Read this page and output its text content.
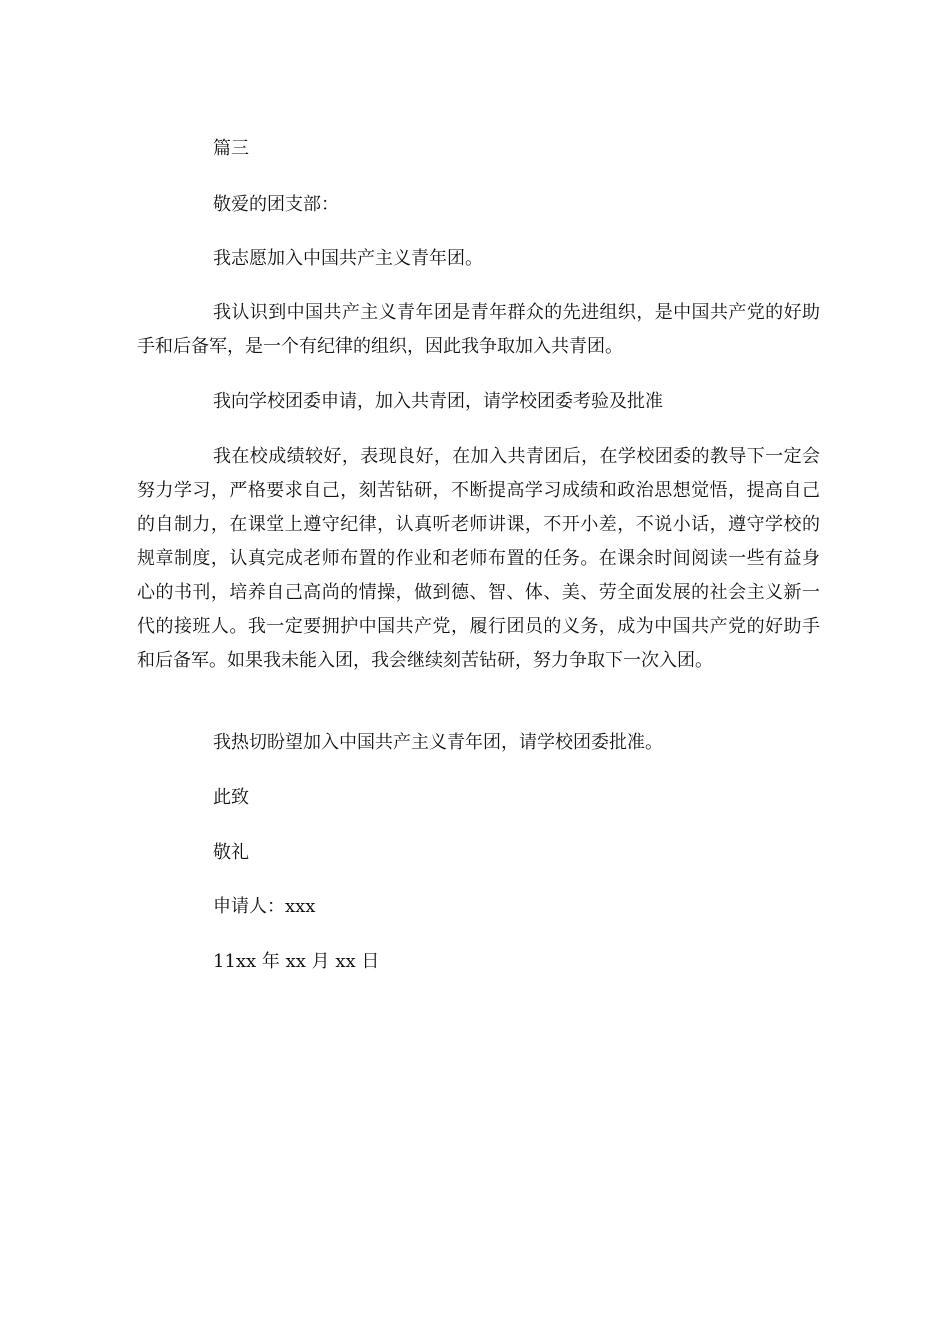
篇三

敬爱的团支部：

我志愿加入中国共产主义青年团。

我认识到中国共产主义青年团是青年群众的先进组织，是中国共产党的好助手和后备军，是一个有纪律的组织，因此我争取加入共青团。

我向学校团委申请，加入共青团，请学校团委考验及批准

我在校成绩较好，表现良好，在加入共青团后，在学校团委的教导下一定会努力学习，严格要求自己，刻苦钻研，不断提高学习成绩和政治思想觉悟，提高自己的自制力，在课堂上遵守纪律，认真听老师讲课，不开小差，不说小话，遵守学校的规章制度，认真完成老师布置的作业和老师布置的任务。在课余时间阅读一些有益身心的书刊，培养自己高尚的情操，做到德、智、体、美、劳全面发展的社会主义新一代的接班人。我一定要拥护中国共产党，履行团员的义务，成为中国共产党的好助手和后备军。如果我未能入团，我会继续刻苦钻研，努力争取下一次入团。

我热切盼望加入中国共产主义青年团，请学校团委批准。

此致

敬礼

申请人：xxx

11xx 年 xx 月 xx 日
